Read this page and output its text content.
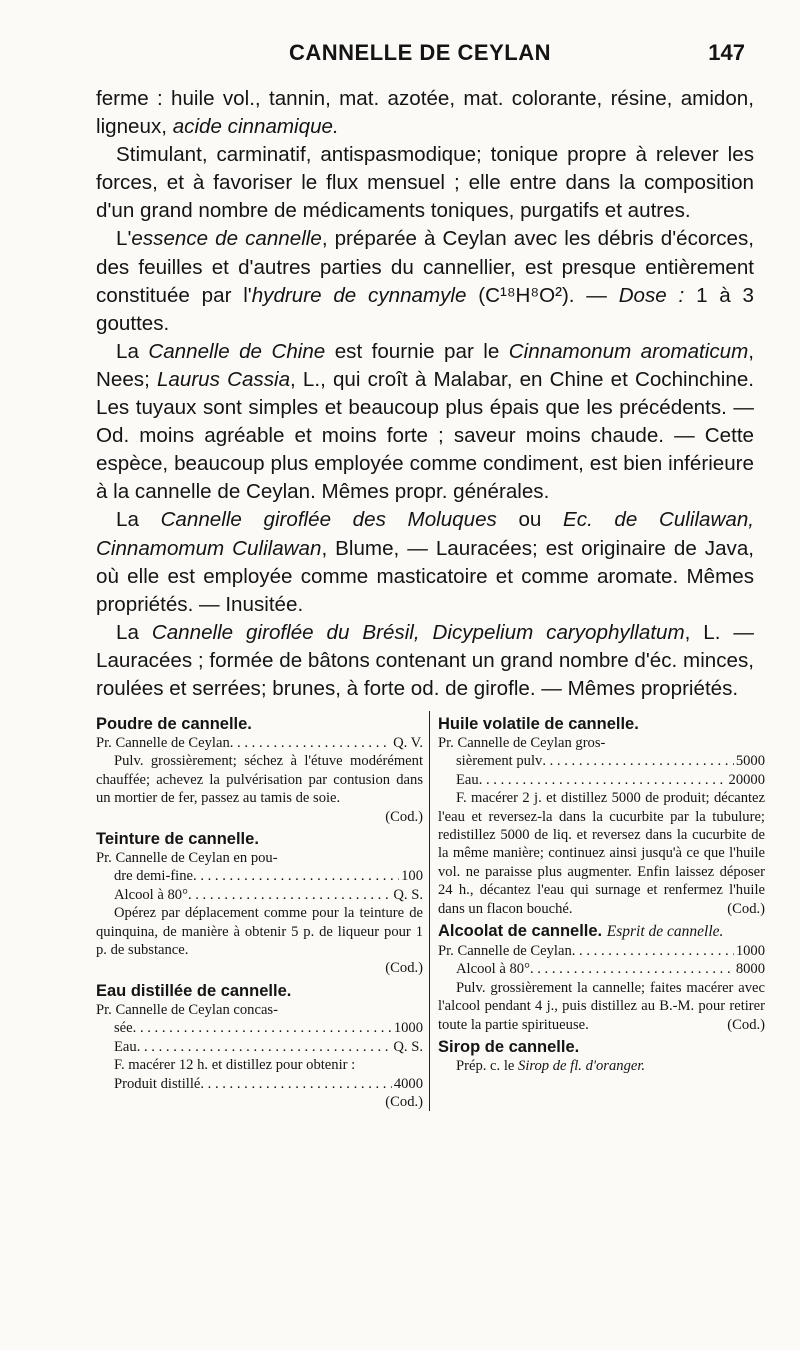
CANNELLE DE CEYLAN	147

ferme : huile vol., tannin, mat. azotée, mat. colorante, résine, amidon, ligneux, acide cinnamique.

Stimulant, carminatif, antispasmodique; tonique propre à relever les forces, et à favoriser le flux mensuel ; elle entre dans la composition d'un grand nombre de médicaments toniques, purgatifs et autres.

L'essence de cannelle, préparée à Ceylan avec les débris d'écorces, des feuilles et d'autres parties du cannellier, est presque entièrement constituée par l'hydrure de cynnamyle (C¹⁸H⁸O²). — Dose : 1 à 3 gouttes.

La Cannelle de Chine est fournie par le Cinnamonum aromaticum, Nees; Laurus Cassia, L., qui croît à Malabar, en Chine et Cochinchine. Les tuyaux sont simples et beaucoup plus épais que les précédents. — Od. moins agréable et moins forte ; saveur moins chaude. — Cette espèce, beaucoup plus employée comme condiment, est bien inférieure à la cannelle de Ceylan. Mêmes propr. générales.

La Cannelle giroflée des Moluques ou Ec. de Culilawan, Cinnamomum Culilawan, Blume, — Lauracées; est originaire de Java, où elle est employée comme masticatoire et comme aromate. Mêmes propriétés. — Inusitée.

La Cannelle giroflée du Brésil, Dicypelium caryophyllatum, L. — Lauracées ; formée de bâtons contenant un grand nombre d'éc. minces, roulées et serrées; brunes, à forte od. de girofle. — Mêmes propriétés.

Poudre de cannelle.
Pr. Cannelle de Ceylan . . .	Q. V.
Pulv. grossièrement; séchez à l'étuve modérément chauffée; achevez la pulvérisation par contusion dans un mortier de fer, passez au tamis de soie.
(Cod.)
Teinture de cannelle.
Pr. Cannelle de Ceylan en pou-
dre demi-fine . . .	100
Alcool à 80° . . .	Q. S.
Opérez par déplacement comme pour la teinture de quinquina, de manière à obtenir 5 p. de liqueur pour 1 p. de substance.
(Cod.)
Eau distillée de cannelle.
Pr. Cannelle de Ceylan concas-
sée . . .	1000
Eau . . .	Q. S.
F. macérer 12 h. et distillez pour obtenir :
Produit distillé . . .	4000
(Cod.)
Huile volatile de cannelle.
Pr. Cannelle de Ceylan gros-
sièrement pulv . . .	5000
Eau . . .	20000
F. macérer 2 j. et distillez 5000 de produit; décantez l'eau et reversez-la dans la cucurbite par la tubulure; redistillez 5000 de liq. et reversez dans la cucurbite de la même manière; continuez ainsi jusqu'à ce que l'huile vol. ne paraisse plus augmenter. Enfin laissez déposer 24 h., décantez l'eau qui surnage et renfermez l'huile dans un flacon bouché.	(Cod.)
Alcoolat de cannelle. Esprit de cannelle.
Pr. Cannelle de Ceylan . . .	1000
Alcool à 80° . . .	8000
Pulv. grossièrement la cannelle; faites macérer avec l'alcool pendant 4 j., puis distillez au B.-M. pour retirer toute la partie spiritueuse.	(Cod.)
Sirop de cannelle.
Prép. c. le Sirop de fl. d'oranger.
